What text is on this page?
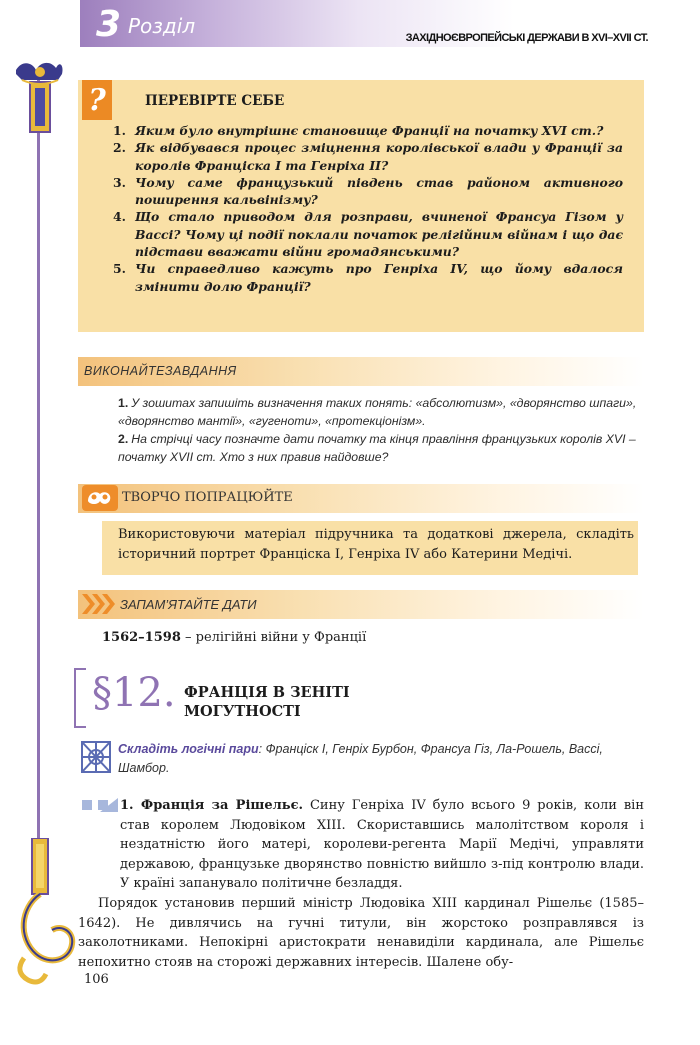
3 Розділ	ЗАХІДНОЄВРОПЕЙСЬКІ ДЕРЖАВИ В XVI–XVII СТ.
?	ПЕРЕВІРТЕ СЕБЕ
1. Яким було внутрішнє становище Франції на початку XVI ст.?
2. Як відбувався процес зміцнення королівської влади у Франції за королів Франціска І та Генріха ІІ?
3. Чому саме французький південь став районом активного поширення кальвінізму?
4. Що стало приводом для розправи, вчиненої Франсуа Гізом у Вассі? Чому ці події поклали початок релігійним війнам і що дає підстави вважати війни громадянськими?
5. Чи справедливо кажуть про Генріха IV, що йому вдалося змінити долю Франції?
ВИКОНАЙТЕЗАВДАННЯ
1. У зошитах запишіть визначення таких понять: «абсолютизм», «дворянство шпаги», «дворянство мантії», «гугеноти», «протекціонізм».
2. На стрічці часу позначте дати початку та кінця правління французьких королів XVI – початку XVII ст. Хто з них правив найдовше?
ТВОРЧО ПОПРАЦЮЙТЕ
Використовуючи матеріал підручника та додаткові джерела, складіть історичний портрет Франціска І, Генріха IV або Катерини Медічі.
ЗАПАМ’ЯТАЙТЕ ДАТИ
1562–1598 – релігійні війни у Франції
§12. ФРАНЦІЯ В ЗЕНІТІ
МОГУТНОСТІ
Складіть логічні пари: Франціск І, Генріх Бурбон, Франсуа Гіз, Ла-Рошель, Вассі, Шамбор.

1. Франція за Рішельє. Сину Генріха IV було всього 9 років, коли він став королем Людовіком XIII. Скориставшись малолітством короля і нездатністю його матері, королеви-регента Марії Медічі, управляти державою, французьке дворянство повністю вийшло з-під контролю влади. У країні запанувало політичне безладдя.

Порядок установив перший міністр Людовіка XIII кардинал Рішельє (1585–1642). Не дивлячись на гучні титули, він жорстоко розправлявся із заколотниками. Непокірні аристократи ненавиділи кардинала, але Рішельє непохитно стояв на сторожі державних інтересів. Шалене обу-

106
